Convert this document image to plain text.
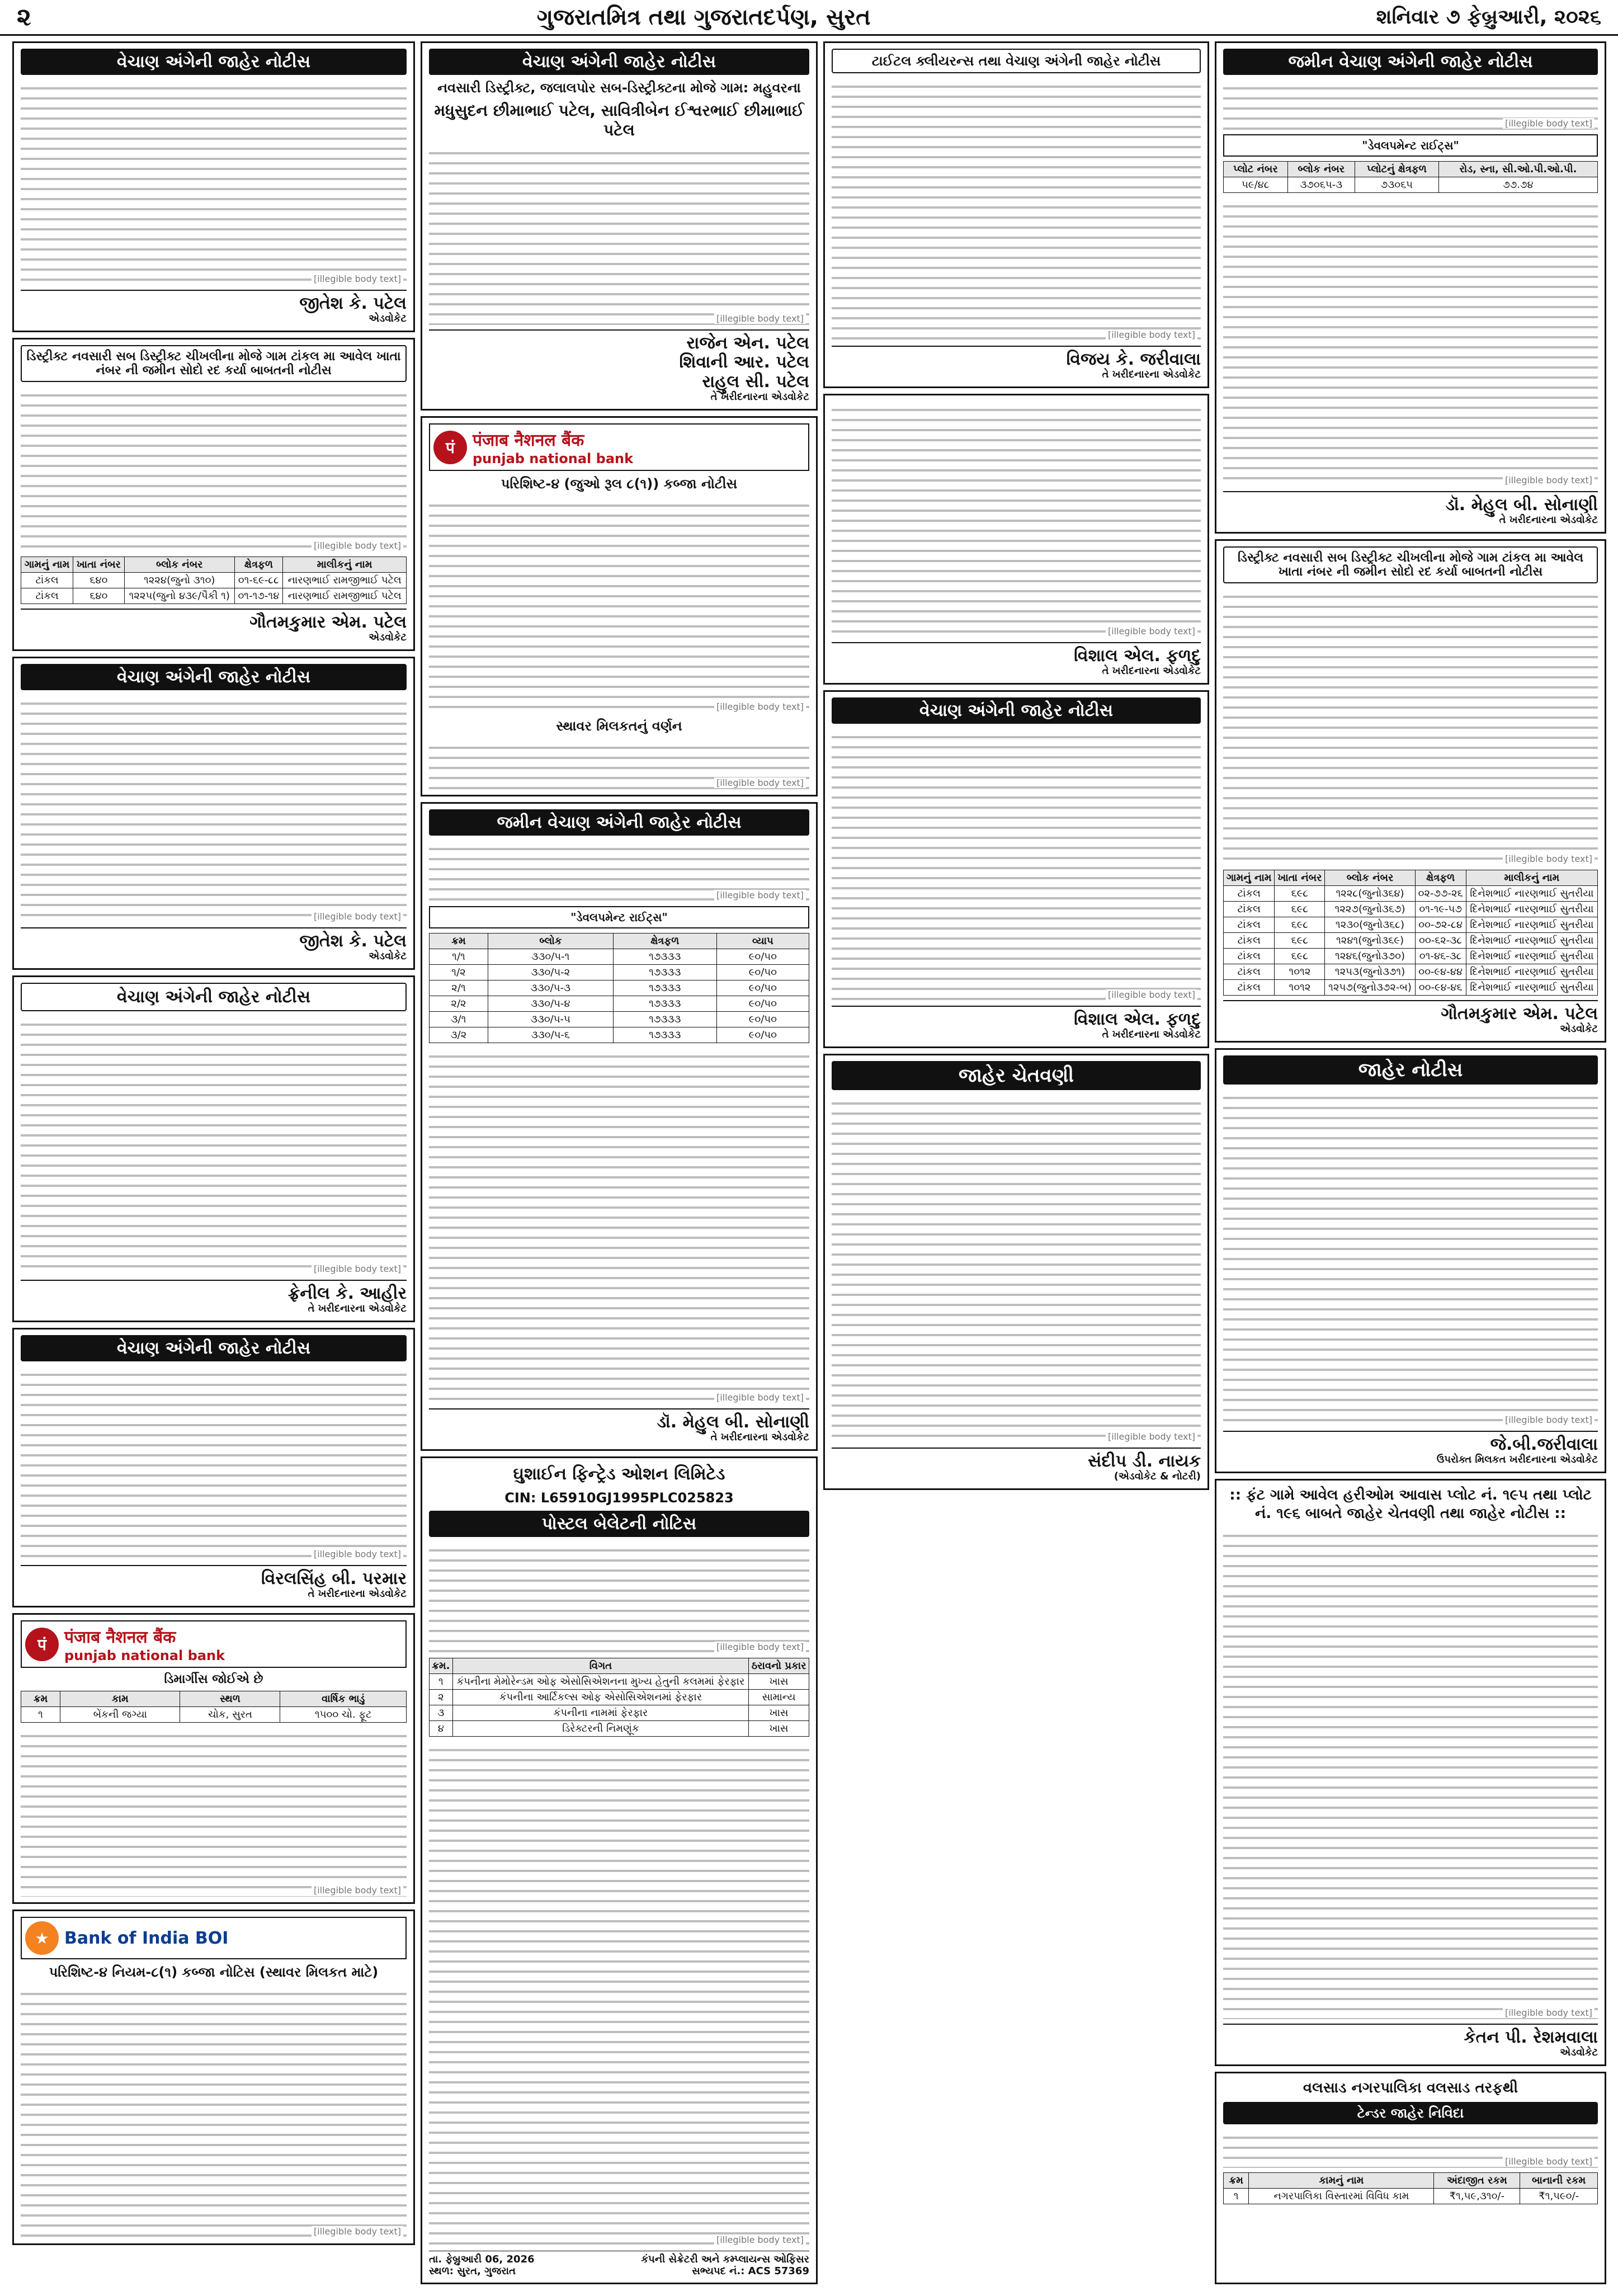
૨	ગુજરાતમિત્ર તથા ગુજરાતદર્પણ, સુરત	શનિવાર ૭ ફેબ્રુઆરી, ૨૦૨૬
વેચાણ અંગેની જાહેર નોટીસ
[illegible body text]
જીતેશ કે. પટેલ
એડવોકેટ
ડિસ્ટ્રીક્ટ નવસારી સબ ડિસ્ટ્રીક્ટ ચીખલીના મોજે ગામ ટાંકલ મા આવેલ ખાતા નંબર ની જમીન સોદો રદ કર્યા બાબતની નોટીસ
[illegible body text]
ગામનું નામ	ખાતા નંબર	બ્લોક નંબર	ક્ષેત્રફળ	માલીકનું નામ
ટાંકલ	૬૪૦	૧૨૨૪(જુનો ૩૧૦)	૦૧-૬૯-૮૮	નારણભાઈ રામજીભાઈ પટેલ
ટાંકલ	૬૪૦	૧૨૨૫(જુનો ૪૩૯/પૈકી ૧)	૦૧-૧૭-૧૪	નારણભાઈ રામજીભાઈ પટેલ
ગૌતમકુમાર એમ. પટેલ
એડવોકેટ
વેચાણ અંગેની જાહેર નોટીસ
[illegible body text]
જીતેશ કે. પટેલ
એડવોકેટ
વેચાણ અંગેની જાહેર નોટીસ
[illegible body text]
ફ્રેનીલ કે. આહીર
તે ખરીદનારના એડવોકેટ
વેચાણ અંગેની જાહેર નોટીસ
[illegible body text]
વિરલસિંહ બી. પરમાર
તે ખરીદનારના એડવોકેટ
पं	पंजाब नैशनल बैंक
punjab national bank
ડિમાર્ગીસ જોઈએ છે
ક્રમ	કામ	સ્થળ	વાર્ષિક ભાડું
૧	બેંકની જગ્યા	ચોક, સુરત	૧૫૦૦ ચો. ફૂટ
[illegible body text]
★ Bank of India BOI
પરિશિષ્ટ-૪ નિયમ-૮(૧) કબ્જા નોટિસ (સ્થાવર મિલકત માટે)
[illegible body text]
વેચાણ અંગેની જાહેર નોટીસ
નવસારી ડિસ્ટ્રીક્ટ, જલાલપોર સબ-ડિસ્ટ્રીક્ટના મોજે ગામ: મહુવરના
મધુસુદન છીમાભાઈ પટેલ, સાવિત્રીબેન ઈશ્વરભાઈ છીમાભાઈ પટેલ
[illegible body text]
રાજેન એન. પટેલ
શિવાની આર. પટેલ
રાહુલ સી. પટેલ
તે ખરીદનારના એડવોકેટ
पं	पंजाब नैशनल बैंक
punjab national bank
પરિશિષ્ટ-૪ (જુઓ રૂલ ૮(૧)) કબ્જા નોટીસ
[illegible body text]
સ્થાવર મિલકતનું વર્ણન
[illegible body text]
જમીન વેચાણ અંગેની જાહેર નોટીસ
[illegible body text]
"ડેવલપમેન્ટ રાઈટ્સ"
ક્રમ	બ્લોક	ક્ષેત્રફળ	વ્યાપ
૧/૧	૩૩૦/૫-૧	૧૭૩૩૩	૯૦/૫૦
૧/૨	૩૩૦/૫-૨	૧૭૩૩૩	૯૦/૫૦
૨/૧	૩૩૦/૫-૩	૧૭૩૩૩	૯૦/૫૦
૨/૨	૩૩૦/૫-૪	૧૭૩૩૩	૯૦/૫૦
૩/૧	૩૩૦/૫-૫	૧૭૩૩૩	૯૦/૫૦
૩/૨	૩૩૦/૫-૬	૧૭૩૩૩	૯૦/૫૦
[illegible body text]
ડૉ. મેહુલ બી. સોનાણી
તે ખરીદનારના એડવોકેટ
ઘુશાઈન ફિન્ટ્રેડ ઓશન લિમિટેડ
CIN: L65910GJ1995PLC025823
પોસ્ટલ બેલેટની નોટિસ
[illegible body text]
ક્રમ.	વિગત	ઠરાવનો પ્રકાર
૧	કંપનીના મેમોરેન્ડમ ઓફ એસોસિએશનના મુખ્ય હેતુની કલમમાં ફેરફાર	ખાસ
૨	કંપનીના આર્ટિકલ્સ ઓફ એસોસિએશનમાં ફેરફાર	સામાન્ય
૩	કંપનીના નામમાં ફેરફાર	ખાસ
૪	ડિરેક્ટરની નિમણૂંક	ખાસ
[illegible body text]
તા. ફેબ્રુઆરી 06, 2026
સ્થળ: સુરત, ગુજરાત
કંપની સેક્રેટરી અને કમ્પ્લાયન્સ ઓફિસર
સભ્યપદ નં.: ACS 57369
ટાઈટલ ક્લીયરન્સ તથા વેચાણ અંગેની જાહેર નોટીસ
[illegible body text]
વિજય કે. જરીવાલા
તે ખરીદનારના એડવોકેટ
[illegible body text]
વિશાલ એલ. ફળદુ
તે ખરીદનારના એડવોકેટ
વેચાણ અંગેની જાહેર નોટીસ
[illegible body text]
વિશાલ એલ. ફળદુ
તે ખરીદનારના એડવોકેટ
જાહેર ચેતવણી
[illegible body text]
સંદીપ ડી. નાયક
(એડવોકેટ & નોટરી)
જમીન વેચાણ અંગેની જાહેર નોટીસ
[illegible body text]
"ડેવલપમેન્ટ રાઈટ્સ"
પ્લોટ નંબર	બ્લોક નંબર	પ્લોટનું ક્ષેત્રફળ	રોડ, સ્ના, સી.ઓ.પી.ઓ.પી.
૫૯/૪૮	૩૭૦૬૫-૩	૭૩૦૬૫	૭૭.૭૪
[illegible body text]
ડૉ. મેહુલ બી. સોનાણી
તે ખરીદનારના એડવોકેટ
ડિસ્ટ્રીક્ટ નવસારી સબ ડિસ્ટ્રીક્ટ ચીખલીના મોજે ગામ ટાંકલ મા આવેલ ખાતા નંબર ની જમીન સોદો રદ કર્યા બાબતની નોટીસ
[illegible body text]
ગામનું નામ	ખાતા નંબર	બ્લોક નંબર	ક્ષેત્રફળ	માલીકનું નામ
ટાંકલ	૬૯૮	૧૨૨૮(જુનો૩૬૪)	૦૨-૭૭-૨૬	દિનેશભાઈ નારણભાઈ સુતરીયા
ટાંકલ	૬૯૮	૧૨૨૭(જુનો૩૬૭)	૦૧-૧૯-૫૭	દિનેશભાઈ નારણભાઈ સુતરીયા
ટાંકલ	૬૯૮	૧૨૩૦(જુનો૩૬૮)	૦૦-૭૨-૮૪	દિનેશભાઈ નારણભાઈ સુતરીયા
ટાંકલ	૬૯૮	૧૨૪૧(જુનો૩૬૯)	૦૦-૬૨-૩૮	દિનેશભાઈ નારણભાઈ સુતરીયા
ટાંકલ	૬૯૮	૧૨૪૬(જુનો૩૭૦)	૦૧-૪૬-૩૮	દિનેશભાઈ નારણભાઈ સુતરીયા
ટાંકલ	૧૦૧૨	૧૨૫૩(જુનો૩૭૧)	૦૦-૯૪-૪૪	દિનેશભાઈ નારણભાઈ સુતરીયા
ટાંકલ	૧૦૧૨	૧૨૫૭(જુનો૩૭૨-બ)	૦૦-૯૪-૪૬	દિનેશભાઈ નારણભાઈ સુતરીયા
ગૌતમકુમાર એમ. પટેલ
એડવોકેટ
જાહેર નોટીસ
[illegible body text]
જે.બી.જરીવાલા
ઉપરોક્ત મિલકત ખરીદનારના એડવોકેટ
:: ફંટ ગામે આવેલ હરીઓમ આવાસ પ્લોટ નં. ૧૯૫ તથા પ્લોટ નં. ૧૯૬ બાબતે જાહેર ચેતવણી તથા જાહેર નોટીસ ::
[illegible body text]
કેતન પી. રેશમવાલા
એડવોકેટ
વલસાડ નગરપાલિકા વલસાડ તરફથી
ટેન્ડર જાહેર નિવિદા
[illegible body text]
ક્રમ	કામનું નામ	અંદાજીત રકમ	બાનાની રકમ
૧	નગરપાલિકા વિસ્તારમાં વિવિધ કામ	₹૧,૫૯,૩૧૦/-	₹૧,૫૯૦/-
